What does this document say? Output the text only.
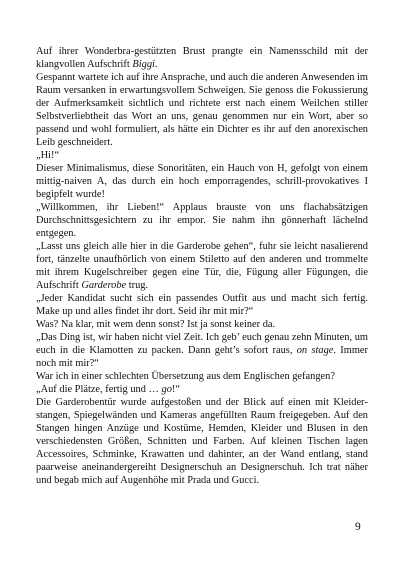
Auf ihrer Wonderbra-gestützten Brust prangte ein Namensschild mit der klangvollen Aufschrift Biggi.

Gespannt wartete ich auf ihre Ansprache, und auch die anderen Anwesenden im Raum versanken in erwartungsvollem Schweigen. Sie genoss die Fokussierung der Aufmerksamkeit sichtlich und richtete erst nach einem Weilchen stiller Selbstverliebtheit das Wort an uns, genau genommen nur ein Wort, aber so passend und wohl formuliert, als hätte ein Dichter es ihr auf den anorexischen Leib geschneidert.

„Hi!“

Dieser Minimalismus, diese Sonoritäten, ein Hauch von H, gefolgt von einem mittig-naiven A, das durch ein hoch emporragendes, schrill-provokatives I begipfelt wurde!

„Willkommen, ihr Lieben!“ Applaus brauste von uns flachabsätzigen Durchschnittsgesichtern zu ihr empor. Sie nahm ihn gönnerhaft lächelnd entgegen.

„Lasst uns gleich alle hier in die Garderobe gehen“, fuhr sie leicht nasalierend fort, tänzelte unaufhörlich von einem Stiletto auf den anderen und trommelte mit ihrem Kugelschreiber gegen eine Tür, die, Fügung aller Fügungen, die Aufschrift Garderobe trug.

„Jeder Kandidat sucht sich ein passendes Outfit aus und macht sich fertig. Make up und alles findet ihr dort. Seid ihr mit mir?“

Was? Na klar, mit wem denn sonst? Ist ja sonst keiner da.

„Das Ding ist, wir haben nicht viel Zeit. Ich geb’ euch genau zehn Minuten, um euch in die Klamotten zu packen. Dann geht’s sofort raus, on stage. Immer noch mit mir?“

War ich in einer schlechten Übersetzung aus dem Englischen gefangen?

„Auf die Plätze, fertig und … go!“

Die Garderobentür wurde aufgestoßen und der Blick auf einen mit Kleiderstangen, Spiegelwänden und Kameras angefüllten Raum freigegeben. Auf den Stangen hingen Anzüge und Kostüme, Hemden, Kleider und Blusen in den verschiedensten Größen, Schnitten und Farben. Auf kleinen Tischen lagen Accessoires, Schminke, Krawatten und dahinter, an der Wand entlang, stand paarweise aneinandergereiht Designerschuh an Designerschuh. Ich trat näher und begab mich auf Augenhöhe mit Prada und Gucci.

9
